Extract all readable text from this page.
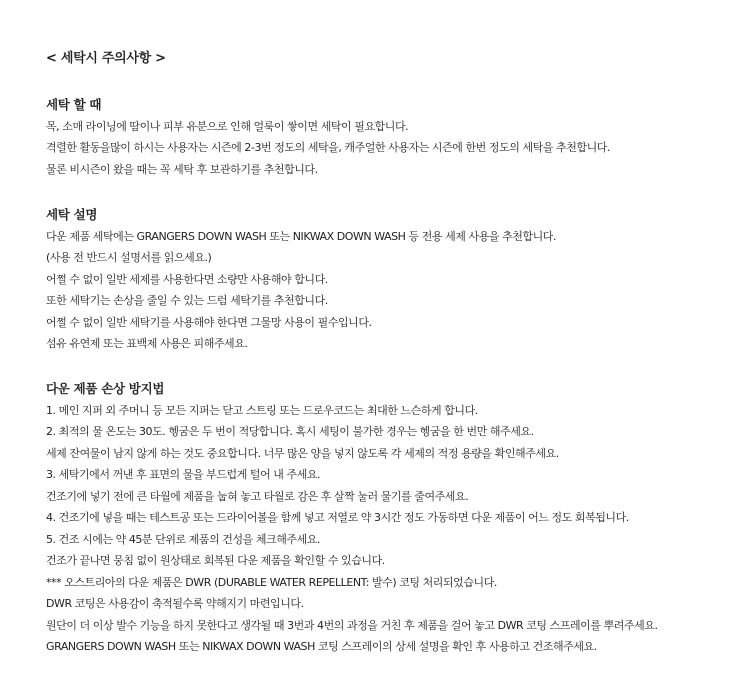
< 세탁시 주의사항 >
세탁 할 때
목, 소매 라이닝에 땀이나 피부 유분으로 인해 얼룩이 쌓이면 세탁이 필요합니다.
격렬한 활동을많이 하시는 사용자는 시즌에 2-3번 정도의 세탁을, 캐주얼한 사용자는 시즌에 한번 정도의 세탁을 추천합니다.
물론 비시즌이 왔을 때는 꼭 세탁 후 보관하기를 추천합니다.
세탁 설명
다운 제품 세탁에는 GRANGERS DOWN WASH 또는 NIKWAX DOWN WASH 등 전용 세제 사용을 추천합니다.
(사용 전 반드시 설명서를 읽으세요.)
어쩔 수 없이 일반 세제를 사용한다면 소량만 사용해야 합니다.
또한 세탁기는 손상을 줄일 수 있는 드럼 세탁기를 추천합니다.
어쩔 수 없이 일반 세탁기를 사용해야 한다면 그물망 사용이 필수입니다.
섬유 유연제 또는 표백제 사용은 피해주세요.
다운 제품 손상 방지법
1. 메인 지퍼 외 주머니 등 모든 지퍼는 닫고 스트링 또는 드로우코드는 최대한 느슨하게 합니다.
2. 최적의 물 온도는 30도. 헹굼은 두 번이 적당합니다. 혹시 세팅이 불가한 경우는 헹굼을 한 번만 해주세요.
세제 잔여물이 남지 않게 하는 것도 중요합니다. 너무 많은 양을 넣지 않도록 각 세제의 적정 용량을 확인해주세요.
3. 세탁기에서 꺼낸 후 표면의 물을 부드럽게 털어 내 주세요.
건조기에 넣기 전에 큰 타월에 제품을 눕혀 놓고 타월로 감은 후 살짝 눌러 물기를 줄여주세요.
4. 건조기에 넣을 때는 테스트공 또는 드라이어볼을 함께 넣고 저열로 약 3시간 정도 가동하면 다운 제품이 어느 정도 회복됩니다.
5. 건조 시에는 약 45분 단위로 제품의 건성을 체크해주세요.
건조가 끝나면 뭉침 없이 원상태로 회복된 다운 제품을 확인할 수 있습니다.
*** 오스트리아의 다운 제품은 DWR (DURABLE WATER REPELLENT: 발수) 코팅 처리되었습니다.
DWR 코팅은 사용감이 축적될수록 약해지기 마련입니다.
원단이 더 이상 발수 기능을 하지 못한다고 생각될 때 3번과 4번의 과정을 거친 후 제품을 걸어 놓고 DWR 코팅 스프레이를 뿌려주세요.
GRANGERS DOWN WASH 또는 NIKWAX DOWN WASH 코팅 스프레이의 상세 설명을 확인 후 사용하고 건조해주세요.
